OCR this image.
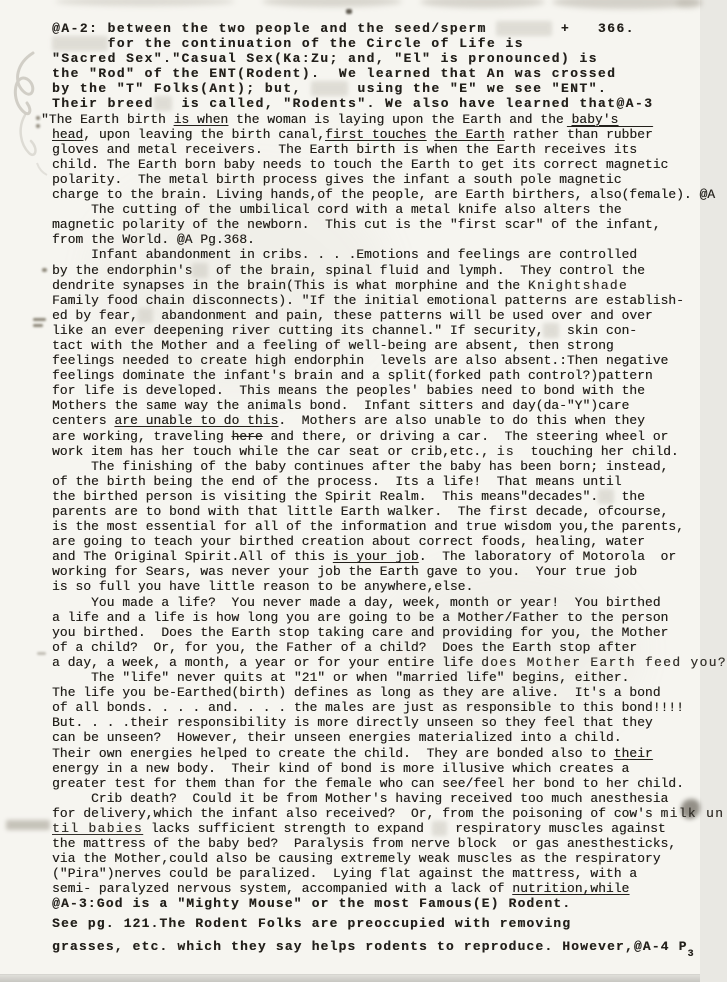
@A-2: between the two people and the seed/sperm	+   366.
for the continuation of the Circle of Life is
"Sacred Sex"."Casual Sex(Ka:Zu; and, "El" is pronounced) is
the "Rod" of the ENT(Rodent).  We learned that An was crossed
by the "T" Folks(Ant); but,	using the "E" we see "ENT".
Their breed   is called, "Rodents". We also have learned that@A-3
"The Earth birth is when the woman is laying upon the Earth and the baby's
head, upon leaving the birth canal,first touches the Earth rather than rubber
gloves and metal receivers.  The Earth birth is when the Earth receives its
child. The Earth born baby needs to touch the Earth to get its correct magnetic
polarity.  The metal birth process gives the infant a south pole magnetic
charge to the brain. Living hands,of the people, are Earth birthers, also(female). @A
The cutting of the umbilical cord with a metal knife also alters the
magnetic polarity of the newborn.  This cut is the "first scar" of the infant,
from the World. @A Pg.368.
Infant abandonment in cribs. . . .Emotions and feelings are controlled
by the endorphin's   of the brain, spinal fluid and lymph.  They control the
dendrite synapses in the brain(This is what morphine and the Knightshade
Family food chain disconnects). "If the initial emotional patterns are establish-
ed by fear,   abandonment and pain, these patterns will be used over and over
like an ever deepening river cutting its channel." If security,   skin con-
tact with the Mother and a feeling of well-being are absent, then strong
feelings needed to create high endorphin  levels are also absent.:Then negative
feelings dominate the infant's brain and a split(forked path control?)pattern
for life is developed.  This means the peoples' babies need to bond with the
Mothers the same way the animals bond.  Infant sitters and day(da-"Y")care
centers are unable to do this.  Mothers are also unable to do this when they
are working, traveling here and there, or driving a car.  The steering wheel or
work item has her touch while the car seat or crib,etc., is  touching her child.
The finishing of the baby continues after the baby has been born; instead,
of the birth being the end of the process.  Its a life!  That means until
the birthed person is visiting the Spirit Realm.  This means"decades".   the
parents are to bond with that little Earth walker.  The first decade, ofcourse,
is the most essential for all of the information and true wisdom you,the parents,
are going to teach your birthed creation about correct foods, healing, water
and The Original Spirit.All of this is your job.  The laboratory of Motorola  or
working for Sears, was never your job the Earth gave to you.  Your true job
is so full you have little reason to be anywhere,else.
You made a life?  You never made a day, week, month or year!  You birthed
a life and a life is how long you are going to be a Mother/Father to the person
you birthed.  Does the Earth stop taking care and providing for you, the Mother
of a child?  Or, for you, the Father of a child?  Does the Earth stop after
a day, a week, a month, a year or for your entire life does Mother Earth feed you?
The "life" never quits at "21" or when "married life" begins, either.
The life you be-Earthed(birth) defines as long as they are alive.  It's a bond
of all bonds. . . . and. . . . the males are just as responsible to this bond!!!!
But. . . .their responsibility is more directly unseen so they feel that they
can be unseen?  However, their unseen energies materialized into a child.
Their own energies helped to create the child.  They are bonded also to their
energy in a new body.  Their kind of bond is more illusive which creates a
greater test for them than for the female who can see/feel her bond to her child.
Crib death?  Could it be from Mother's having received too much anesthesia
for delivery,which the infant also received?  Or, from the poisoning of cow's milk un
til babies lacks sufficient strength to expand    respiratory muscles against
the mattress of the baby bed?  Paralysis from nerve block  or gas anesthesticks,
via the Mother,could also be causing extremely weak muscles as the respiratory
("Pira")nerves could be paralized.  Lying flat against the mattress, with a
semi- paralyzed nervous system, accompanied with a lack of nutrition,while
@A-3:God is a "Mighty Mouse" or the most Famous(E) Rodent.
See pg. 121.The Rodent Folks are preoccupied with removing
grasses, etc. which they say helps rodents to reproduce. However,@A-4 $P_3$
